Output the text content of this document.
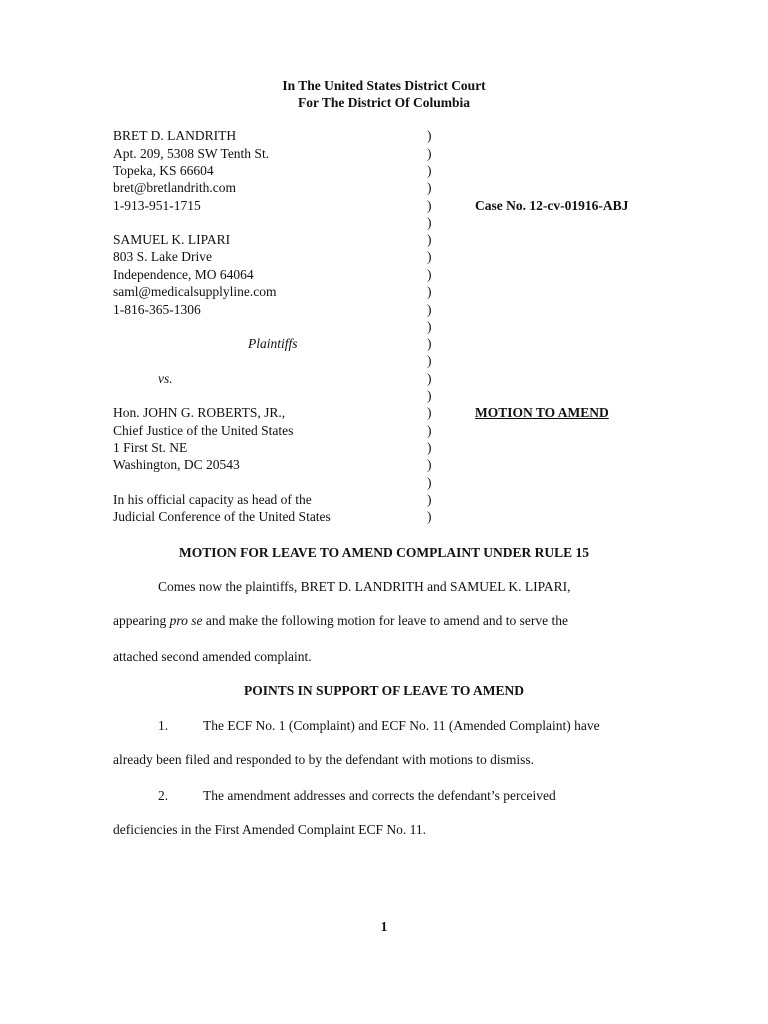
In The United States District Court
For The District Of Columbia
BRET D. LANDRITH
Apt. 209, 5308 SW Tenth St.
Topeka, KS 66604
bret@bretlandrith.com
1-913-951-1715
SAMUEL K. LIPARI
803 S. Lake Drive
Independence, MO 64064
saml@medicalsupplyline.com
1-816-365-1306
Plaintiffs
vs.
Hon. JOHN G. ROBERTS, JR.,
Chief Justice of the United States
1 First St. NE
Washington, DC 20543
In his official capacity as head of the
Judicial Conference of the United States
)
)
)
)
)
)
)
)
)
)
)
)
)
)
)
)
)
)
)
)
)
)
)
Case No. 12-cv-01916-ABJ
MOTION TO AMEND
MOTION FOR LEAVE TO AMEND COMPLAINT UNDER RULE 15
Comes now the plaintiffs, BRET D. LANDRITH and SAMUEL K. LIPARI,
appearing pro se and make the following motion for leave to amend and to serve the
attached second amended complaint.
POINTS IN SUPPORT OF LEAVE TO AMEND
1.	The ECF No. 1 (Complaint) and ECF No. 11 (Amended Complaint) have
already been filed and responded to by the defendant with motions to dismiss.
2.	The amendment addresses and corrects the defendant’s perceived
deficiencies in the First Amended Complaint ECF No. 11.
1
